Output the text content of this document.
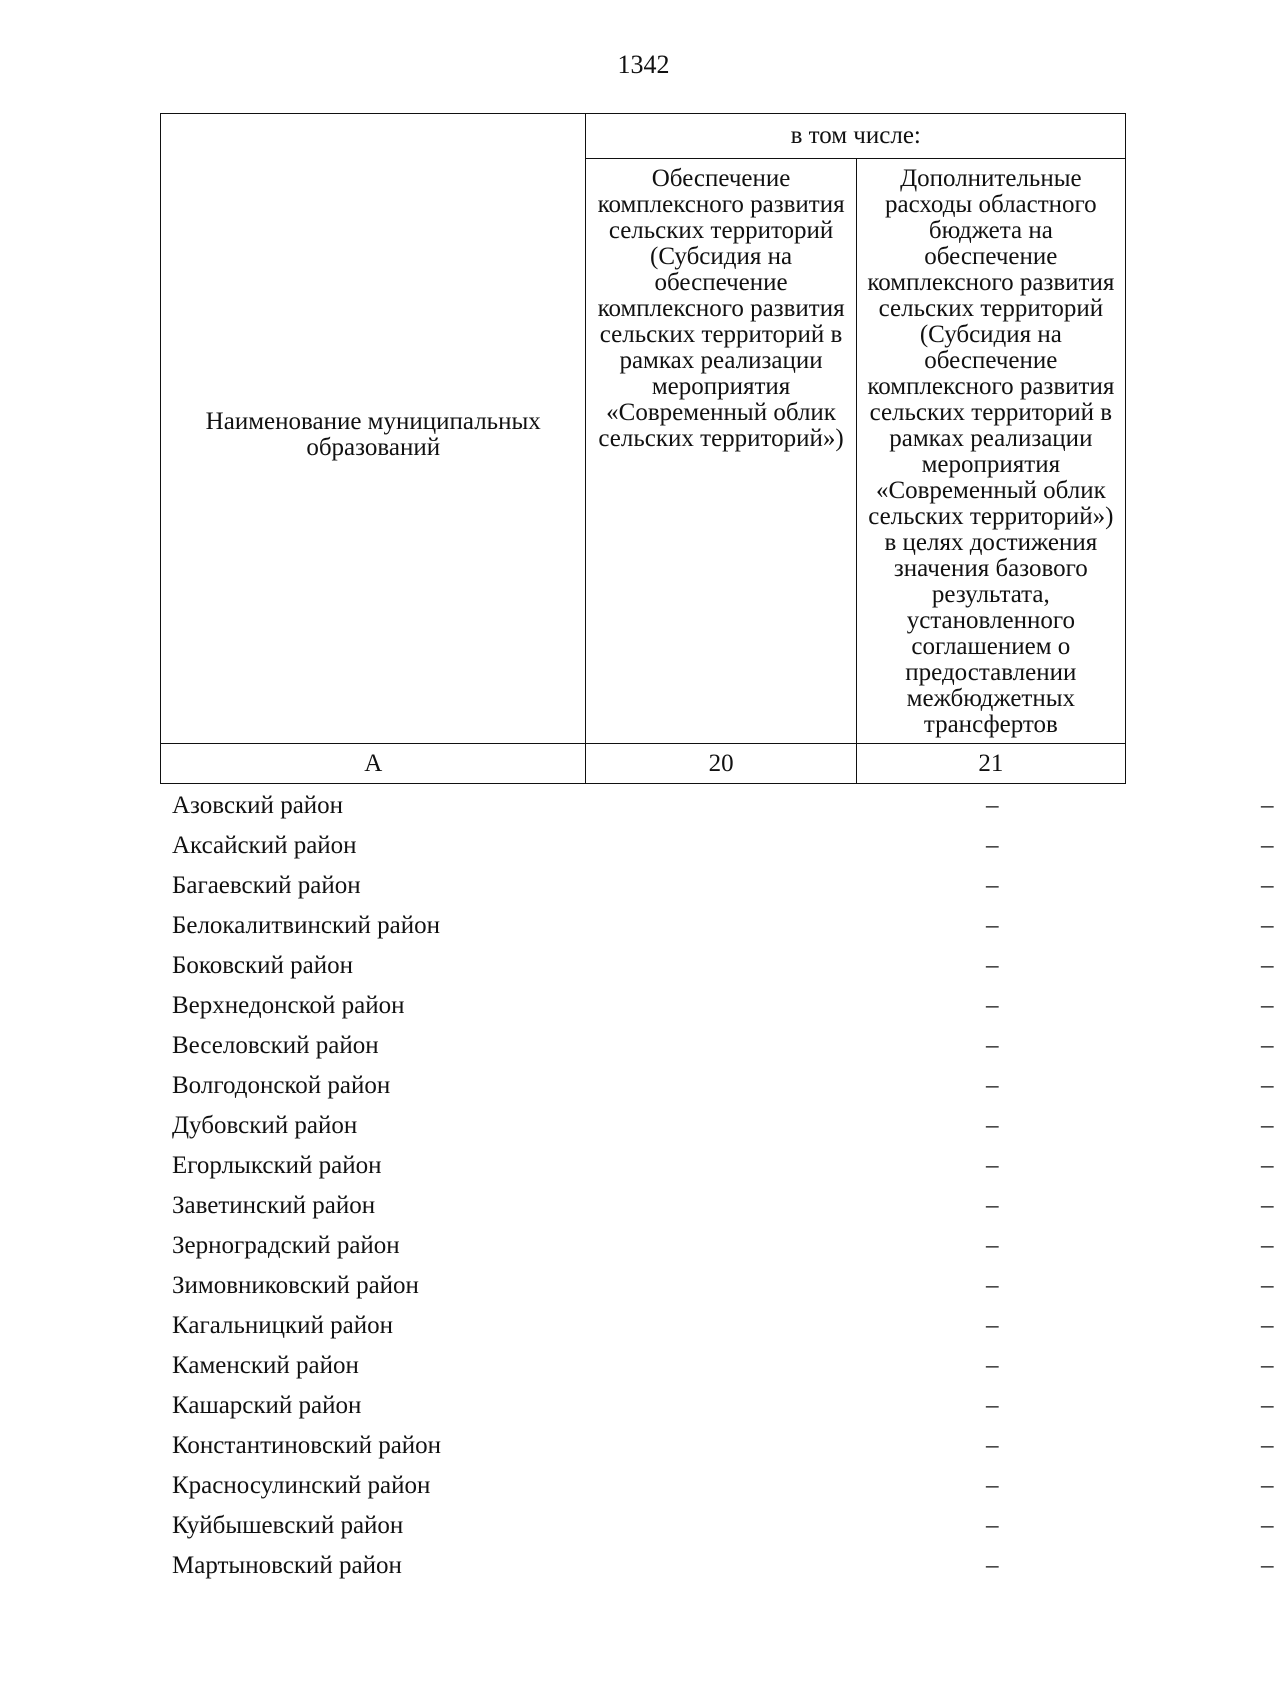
1342
Наименование муниципальных образований	в том числе:	
	Обеспечение комплексного развития сельских территорий (Субсидия на обеспечение комплексного развития сельских территорий в рамках реализации мероприятия «Современный облик сельских территорий»)	Дополнительные расходы областного бюджета на обеспечение комплексного развития сельских территорий (Субсидия на обеспечение комплексного развития сельских территорий в рамках реализации мероприятия «Современный облик сельских территорий») в целях достижения значения базового результата, установленного соглашением о предоставлении межбюджетных трансфертов
А	20	21
Азовский район	–	–
Аксайский район	–	–
Багаевский район	–	–
Белокалитвинский район	–	–
Боковский район	–	–
Верхнедонской район	–	–
Веселовский район	–	–
Волгодонской район	–	–
Дубовский район	–	–
Егорлыкский район	–	–
Заветинский район	–	–
Зерноградский район	–	–
Зимовниковский район	–	–
Кагальницкий район	–	–
Каменский район	–	–
Кашарский район	–	–
Константиновский район	–	–
Красносулинский район	–	–
Куйбышевский район	–	–
Мартыновский район	–	–
